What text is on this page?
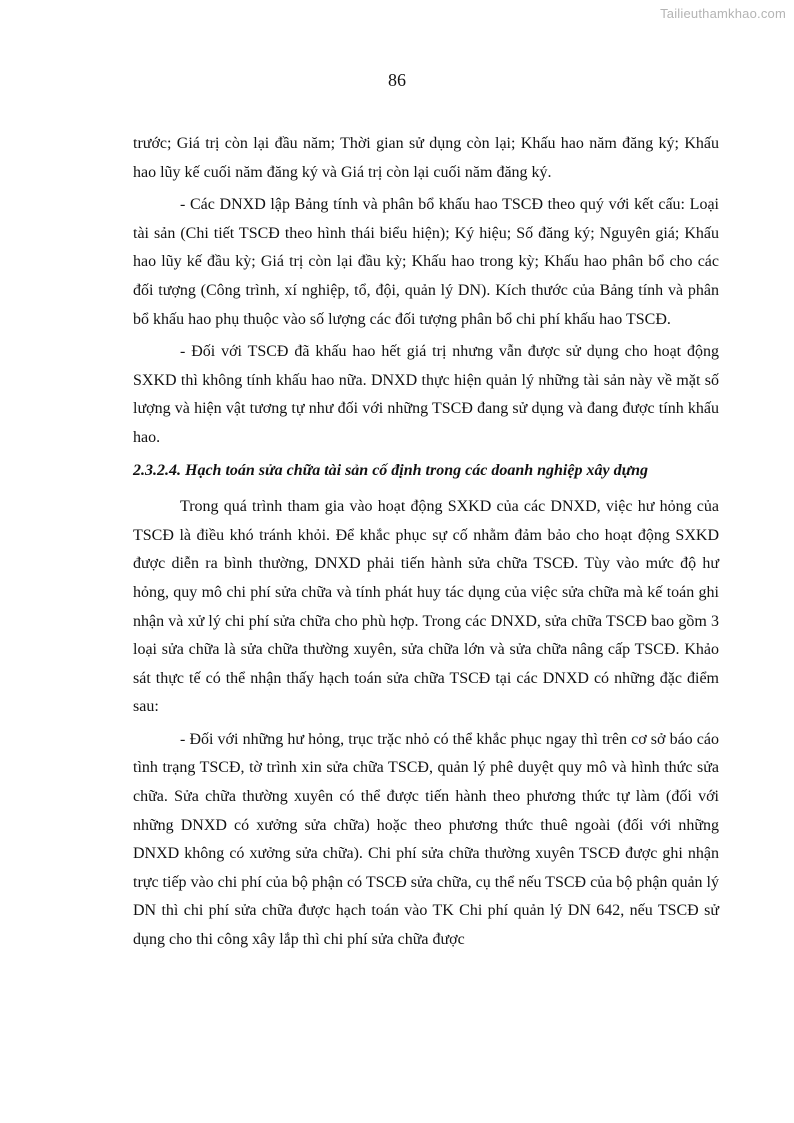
Tailieuthamkhao.com
86

trước; Giá trị còn lại đầu năm; Thời gian sử dụng còn lại; Khấu hao năm đăng ký; Khấu hao lũy kế cuối năm đăng ký và Giá trị còn lại cuối năm đăng ký.

- Các DNXD lập Bảng tính và phân bổ khấu hao TSCĐ theo quý với kết cấu: Loại tài sản (Chi tiết TSCĐ theo hình thái biểu hiện); Ký hiệu; Số đăng ký; Nguyên giá; Khấu hao lũy kế đầu kỳ; Giá trị còn lại đầu kỳ; Khấu hao trong kỳ; Khấu hao phân bổ cho các đối tượng (Công trình, xí nghiệp, tổ, đội, quản lý DN). Kích thước của Bảng tính và phân bổ khấu hao phụ thuộc vào số lượng các đối tượng phân bổ chi phí khấu hao TSCĐ.

- Đối với TSCĐ đã khấu hao hết giá trị nhưng vẫn được sử dụng cho hoạt động SXKD thì không tính khấu hao nữa. DNXD thực hiện quản lý những tài sản này về mặt số lượng và hiện vật tương tự như đối với những TSCĐ đang sử dụng và đang được tính khấu hao.

2.3.2.4. Hạch toán sửa chữa tài sản cố định trong các doanh nghiệp xây dựng

Trong quá trình tham gia vào hoạt động SXKD của các DNXD, việc hư hỏng của TSCĐ là điều khó tránh khỏi. Để khắc phục sự cố nhằm đảm bảo cho hoạt động SXKD được diễn ra bình thường, DNXD phải tiến hành sửa chữa TSCĐ. Tùy vào mức độ hư hỏng, quy mô chi phí sửa chữa và tính phát huy tác dụng của việc sửa chữa mà kế toán ghi nhận và xử lý chi phí sửa chữa cho phù hợp. Trong các DNXD, sửa chữa TSCĐ bao gồm 3 loại sửa chữa là sửa chữa thường xuyên, sửa chữa lớn và sửa chữa nâng cấp TSCĐ. Khảo sát thực tế có thể nhận thấy hạch toán sửa chữa TSCĐ tại các DNXD có những đặc điểm sau:

- Đối với những hư hỏng, trục trặc nhỏ có thể khắc phục ngay thì trên cơ sở báo cáo tình trạng TSCĐ, tờ trình xin sửa chữa TSCĐ, quản lý phê duyệt quy mô và hình thức sửa chữa. Sửa chữa thường xuyên có thể được tiến hành theo phương thức tự làm (đối với những DNXD có xưởng sửa chữa) hoặc theo phương thức thuê ngoài (đối với những DNXD không có xưởng sửa chữa). Chi phí sửa chữa thường xuyên TSCĐ được ghi nhận trực tiếp vào chi phí của bộ phận có TSCĐ sửa chữa, cụ thể nếu TSCĐ của bộ phận quản lý DN thì chi phí sửa chữa được hạch toán vào TK Chi phí quản lý DN 642, nếu TSCĐ sử dụng cho thi công xây lắp thì chi phí sửa chữa được
